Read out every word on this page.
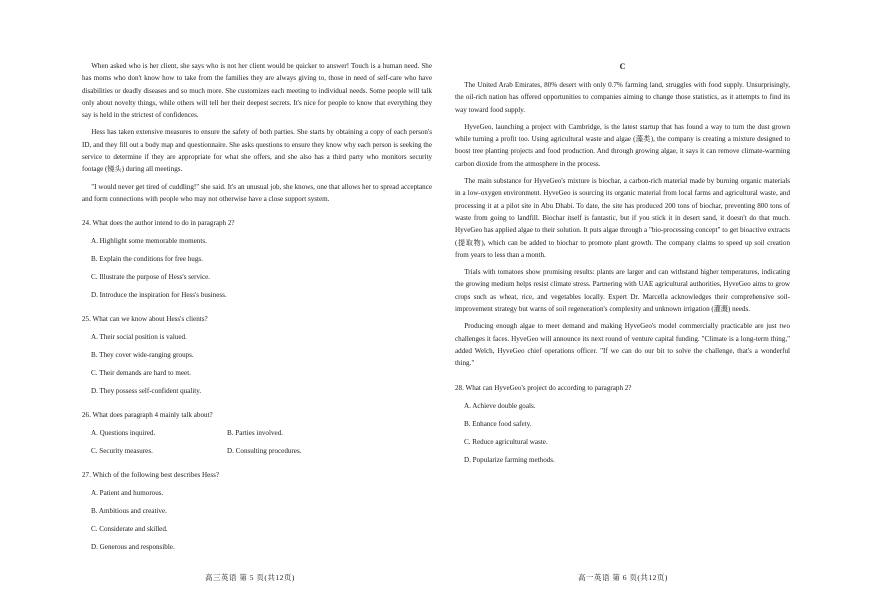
When asked who is her client, she says who is not her client would be quicker to answer! Touch is a human need. She has moms who don't know how to take from the families they are always giving to, those in need of self-care who have disabilities or deadly diseases and so much more. She customizes each meeting to individual needs. Some people will talk only about novelty things, while others will tell her their deepest secrets. It's nice for people to know that everything they say is held in the strictest of confidences.

Hess has taken extensive measures to ensure the safety of both parties. She starts by obtaining a copy of each person's ID, and they fill out a body map and questionnaire. She asks questions to ensure they know why each person is seeking the service to determine if they are appropriate for what she offers, and she also has a third party who monitors security footage (镜头) during all meetings.

"I would never get tired of cuddling!" she said. It's an unusual job, she knows, one that allows her to spread acceptance and form connections with people who may not otherwise have a close support system.

24. What does the author intend to do in paragraph 2?
A. Highlight some memorable moments.
B. Explain the conditions for free hugs.
C. Illustrate the purpose of Hess's service.
D. Introduce the inspiration for Hess's business.
25. What can we know about Hess's clients?
A. Their social position is valued.
B. They cover wide-ranging groups.
C. Their demands are hard to meet.
D. They possess self-confident quality.
26. What does paragraph 4 mainly talk about?
A. Questions inquired.	B. Parties involved.
C. Security measures.	D. Consulting procedures.
27. Which of the following best describes Hess?
A. Patient and humorous.
B. Ambitious and creative.
C. Considerate and skilled.
D. Generous and responsible.
高三英语 第 5 页(共12页)
C

The United Arab Emirates, 80% desert with only 0.7% farming land, struggles with food supply. Unsurprisingly, the oil-rich nation has offered opportunities to companies aiming to change those statistics, as it attempts to find its way toward food supply.

HyveGeo, launching a project with Cambridge, is the latest startup that has found a way to turn the dust grown while turning a profit too. Using agricultural waste and algae (藻类), the company is creating a mixture designed to boost tree planting projects and food production. And through growing algae, it says it can remove climate-warming carbon dioxide from the atmosphere in the process.

The main substance for HyveGeo's mixture is biochar, a carbon-rich material made by burning organic materials in a low-oxygen environment. HyveGeo is sourcing its organic material from local farms and agricultural waste, and processing it at a pilot site in Abu Dhabi. To date, the site has produced 200 tons of biochar, preventing 800 tons of waste from going to landfill. Biochar itself is fantastic, but if you stick it in desert sand, it doesn't do that much. HyveGeo has applied algae to their solution. It puts algae through a "bio-processing concept" to get bioactive extracts (提取物), which can be added to biochar to promote plant growth. The company claims to speed up soil creation from years to less than a month.

Trials with tomatoes show promising results: plants are larger and can withstand higher temperatures, indicating the growing medium helps resist climate stress. Partnering with UAE agricultural authorities, HyveGeo aims to grow crops such as wheat, rice, and vegetables locally. Expert Dr. Marcella acknowledges their comprehensive soil-improvement strategy but warns of soil regeneration's complexity and unknown irrigation (灌溉) needs.

Producing enough algae to meet demand and making HyveGeo's model commercially practicable are just two challenges it faces. HyveGeo will announce its next round of venture capital funding. "Climate is a long-term thing," added Welch, HyveGeo chief operations officer. "If we can do our bit to solve the challenge, that's a wonderful thing."

28. What can HyveGeo's project do according to paragraph 2?
A. Achieve double goals.
B. Enhance food safety.
C. Reduce agricultural waste.
D. Popularize farming methods.
高一英语 第 6 页(共12页)
